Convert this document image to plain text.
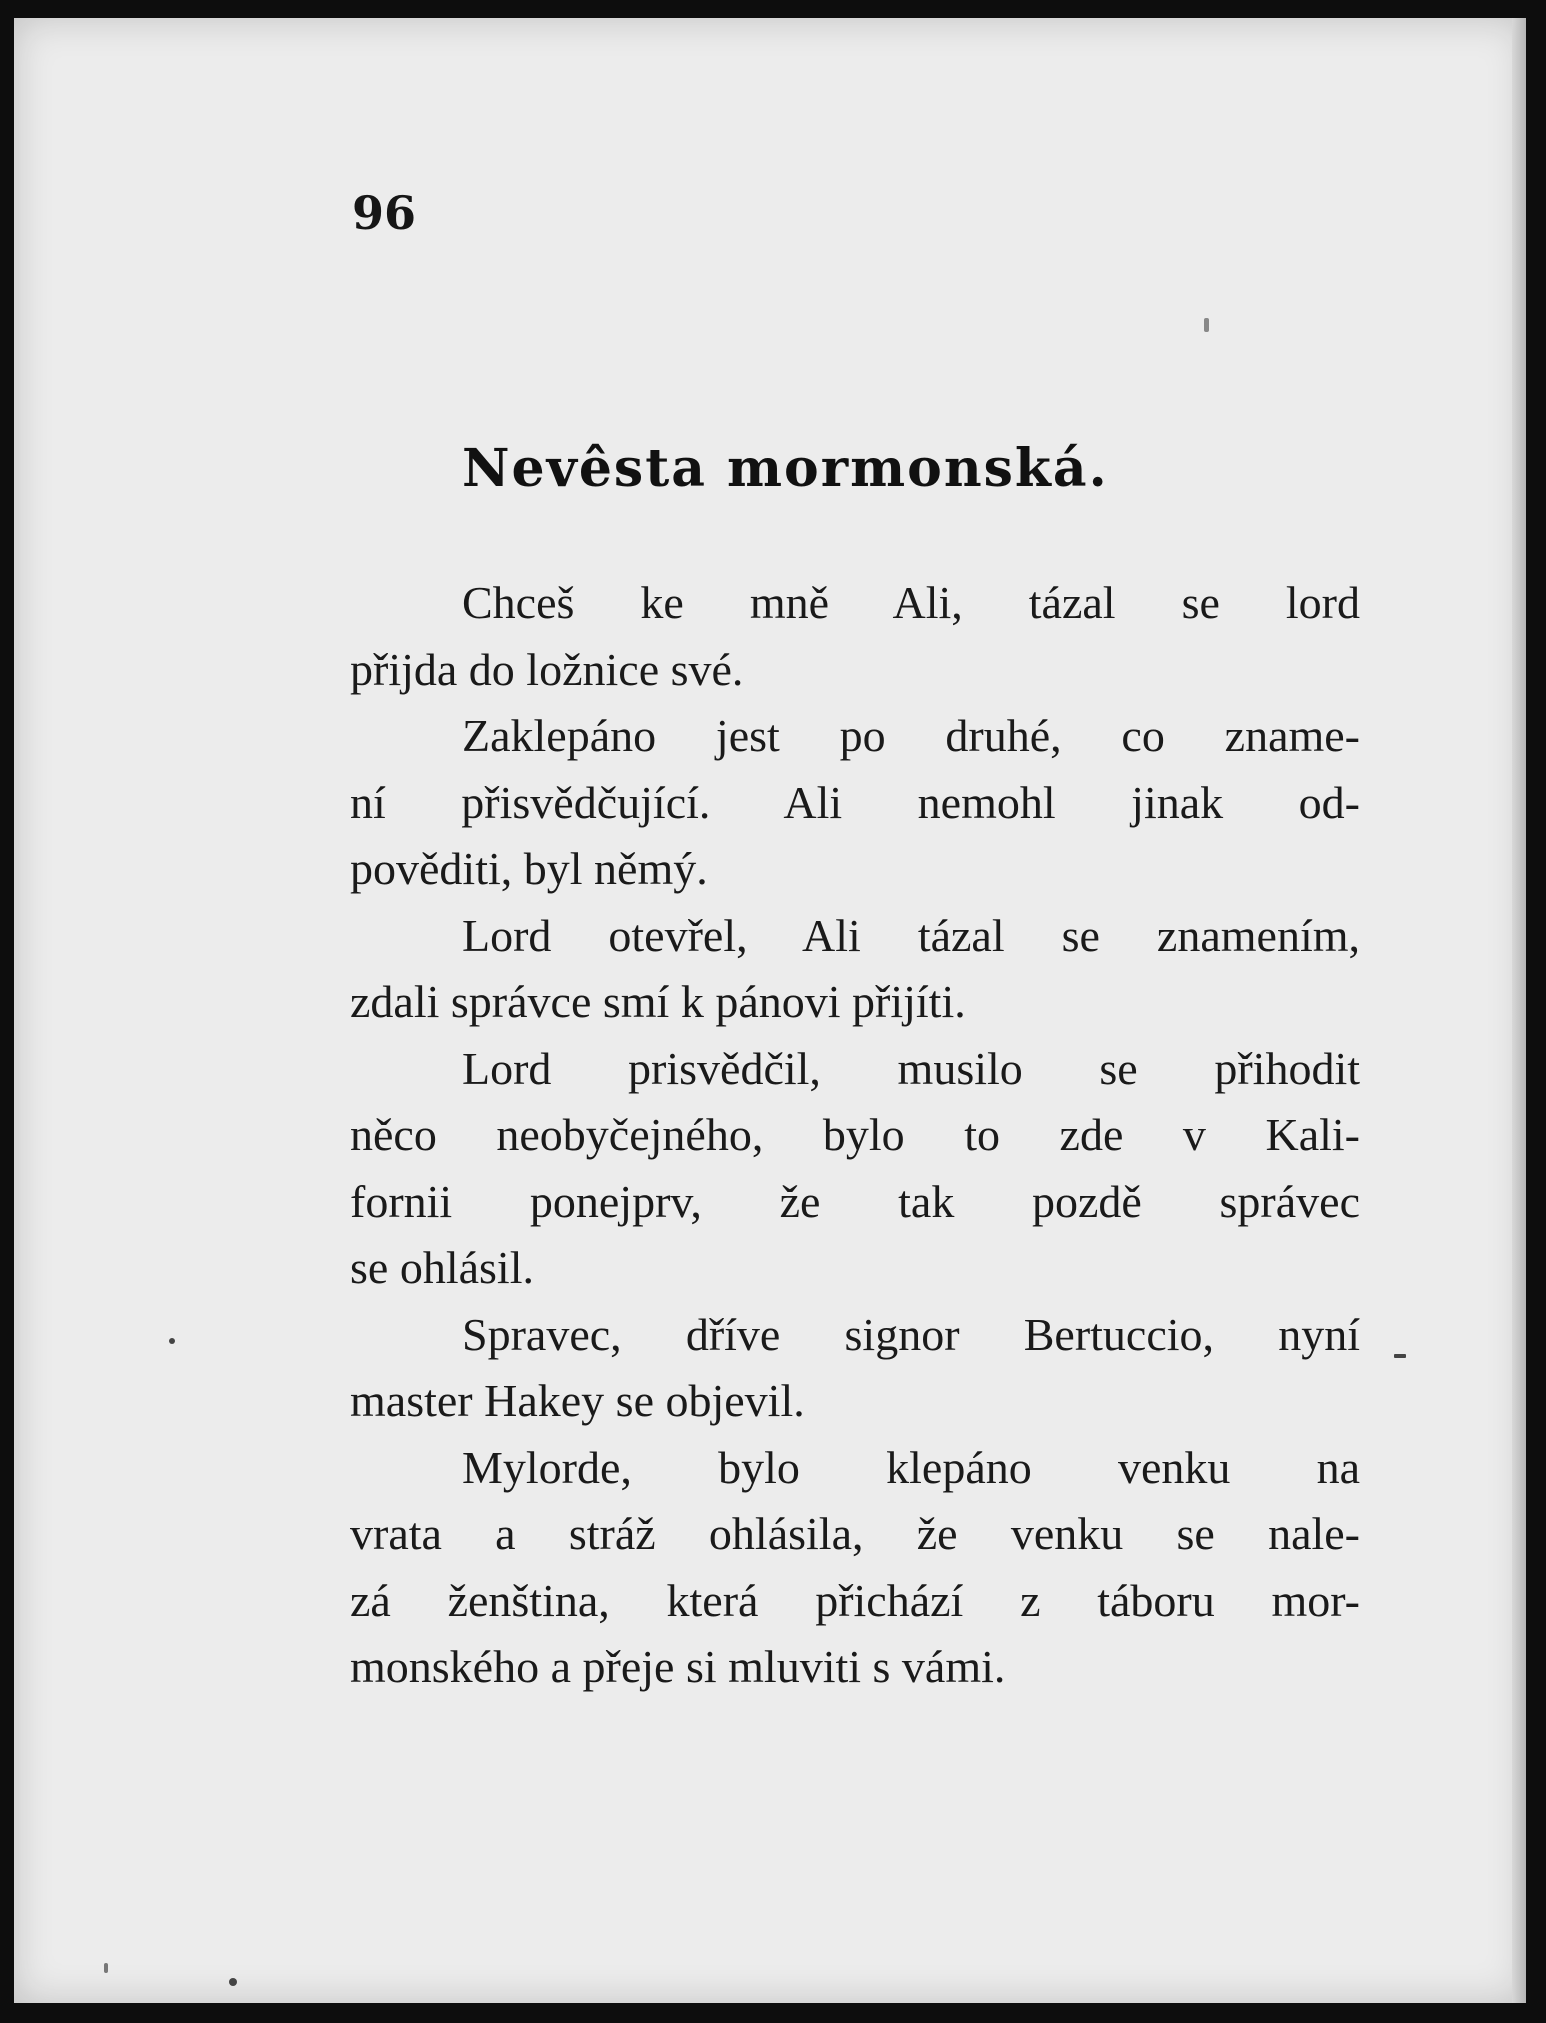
96
Nevêsta mormonská.
Chceš ke mně Ali, tázal se lord
přijda do ložnice své.
Zaklepáno jest po druhé, co zname-
ní přisvědčující. Ali nemohl jinak od-
pověditi, byl němý.
Lord otevřel, Ali tázal se znamením,
zdali správce smí k pánovi přijíti.
Lord prisvědčil, musilo se přihodit
něco neobyčejného, bylo to zde v Kali-
fornii ponejprv, že tak pozdě správec
se ohlásil.
Spravec, dříve signor Bertuccio, nyní
master Hakey se objevil.
Mylorde, bylo klepáno venku na
vrata a stráž ohlásila, že venku se nale-
zá ženština, která přichází z táboru mor-
monského a přeje si mluviti s vámi.
